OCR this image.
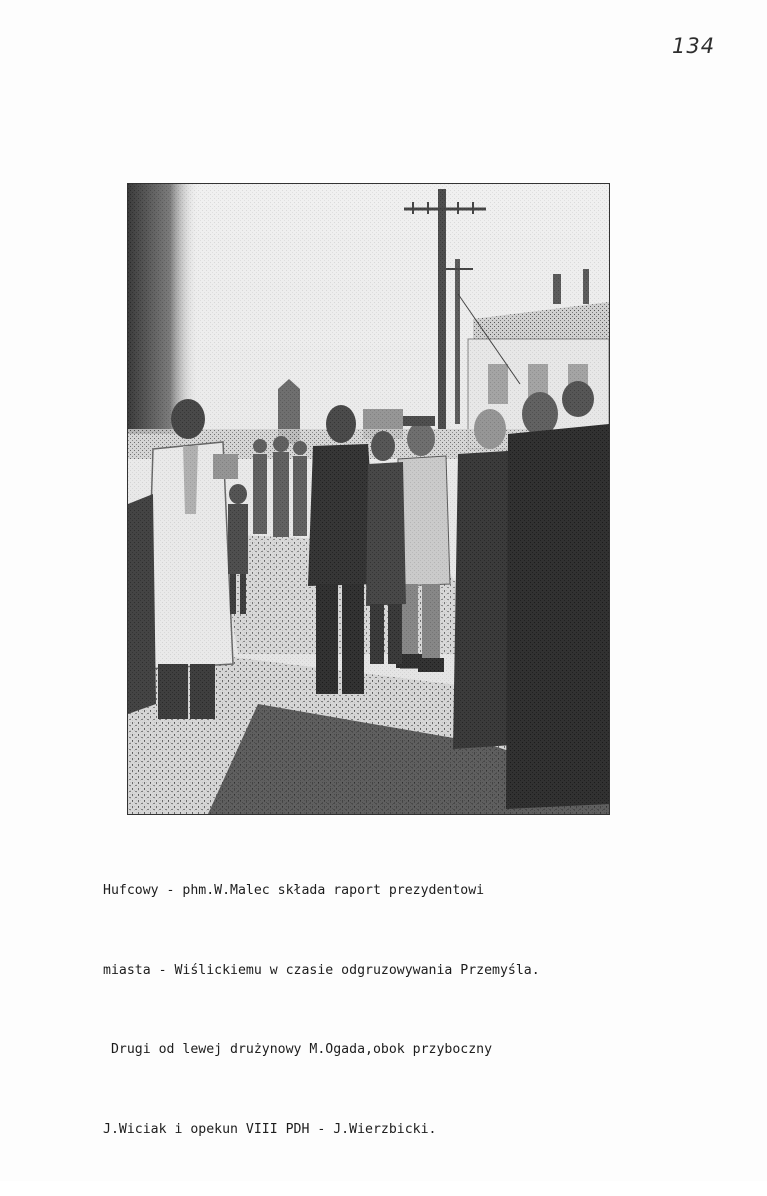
134

Hufcowy - phm.W.Malec składa raport prezydentowi

miasta - Wiślickiemu w czasie odgruzowywania Przemyśla.

Drugi od lewej drużynowy M.Ogada,obok przyboczny

J.Wiciak i opekun VIII PDH - J.Wierzbicki.
